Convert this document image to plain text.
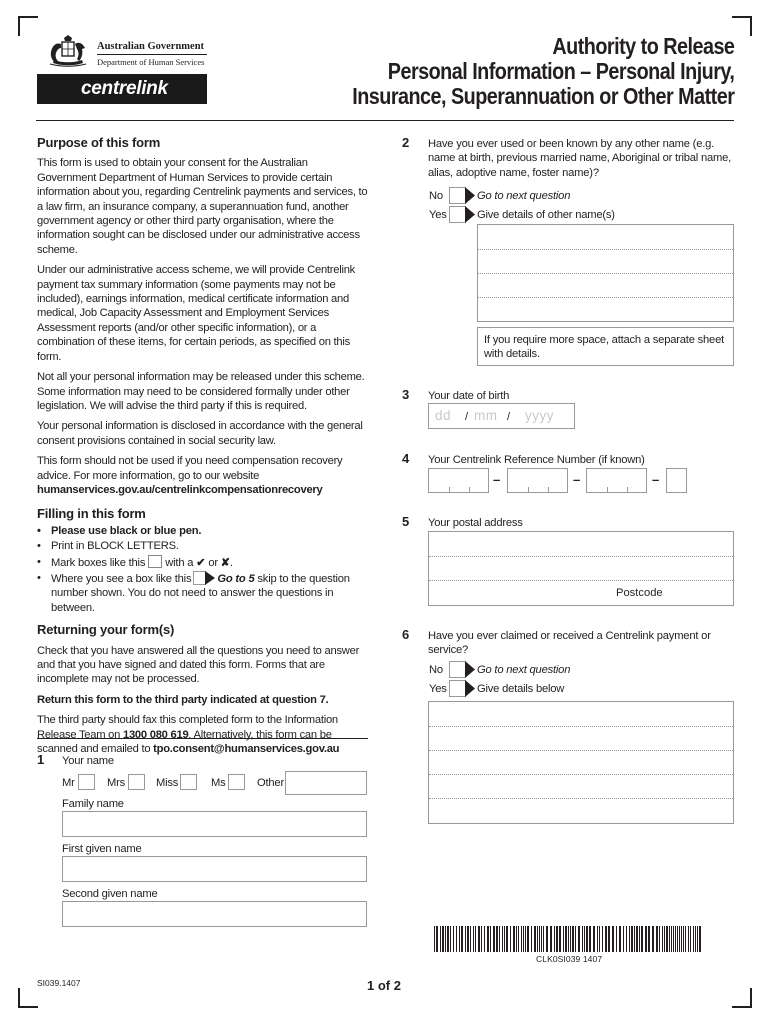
Australian Government
Department of Human Services
centrelink
Authority to Release
Personal Information – Personal Injury,
Insurance, Superannuation or Other Matter
Purpose of this form

This form is used to obtain your consent for the Australian Government Department of Human Services to provide certain information about you, regarding Centrelink payments and services, to a law firm, an insurance company, a superannuation fund, another government agency or other third party organisation, where the information sought can be disclosed under our administrative access scheme.

Under our administrative access scheme, we will provide Centrelink payment tax summary information (some payments may not be included), earnings information, medical certificate information and medical, Job Capacity Assessment and Employment Services Assessment reports (and/or other specific information), or a combination of these items, for certain periods, as specified on this form.

Not all your personal information may be released under this scheme. Some information may need to be considered formally under other legislation. We will advise the third party if this is required.

Your personal information is disclosed in accordance with the general consent provisions contained in social security law.

This form should not be used if you need compensation recovery advice. For more information, go to our website
humanservices.gov.au/centrelinkcompensationrecovery

Filling in this form
• Please use black or blue pen.
• Print in BLOCK LETTERS.
• Mark boxes like this with a ✔ or ✘.
• Where you see a box like this Go to 5 skip to the question number shown. You do not need to answer the questions in between.
Returning your form(s)

Check that you have answered all the questions you need to answer and that you have signed and dated this form. Forms that are incomplete may not be processed.

Return this form to the third party indicated at question 7.

The third party should fax this completed form to the Information Release Team on 1300 080 619. Alternatively, this form can be scanned and emailed to tpo.consent@humanservices.gov.au

1 Your name
Mr	Mrs	Miss	Ms	Other
Family name
First given name
Second given name
2 Have you ever used or been known by any other name (e.g. name at birth, previous married name, Aboriginal or tribal name, alias, adoptive name, foster name)?
No	Go to next question
Yes	Give details of other name(s)
If you require more space, attach a separate sheet with details.
3 Your date of birth
dd / mm / yyyy
4 Your Centrelink Reference Number (if known)
–	–	–
5 Your postal address
Postcode
6 Have you ever claimed or received a Centrelink payment or service?
No	Go to next question
Yes	Give details below
CLK0SI039 1407
SI039.1407	1 of 2
